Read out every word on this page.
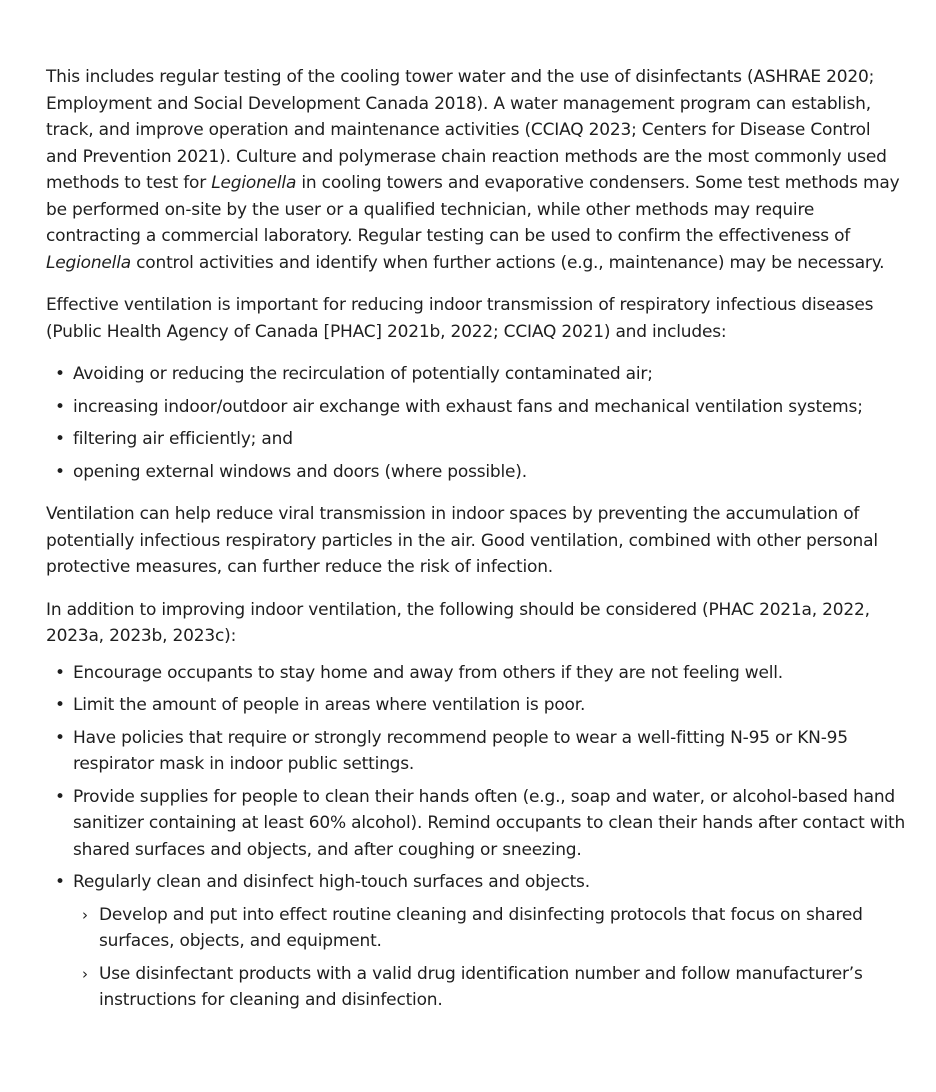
This includes regular testing of the cooling tower water and the use of disinfectants (ASHRAE 2020; Employment and Social Development Canada 2018). A water management program can establish, track, and improve operation and maintenance activities (CCIAQ 2023; Centers for Disease Control and Prevention 2021). Culture and polymerase chain reaction methods are the most commonly used methods to test for Legionella in cooling towers and evaporative condensers. Some test methods may be performed on-site by the user or a qualified technician, while other methods may require contracting a commercial laboratory. Regular testing can be used to confirm the effectiveness of Legionella control activities and identify when further actions (e.g., maintenance) may be necessary.

Effective ventilation is important for reducing indoor transmission of respiratory infectious diseases (Public Health Agency of Canada [PHAC] 2021b, 2022; CCIAQ 2021) and includes:

• Avoiding or reducing the recirculation of potentially contaminated air;
• increasing indoor/outdoor air exchange with exhaust fans and mechanical ventilation systems;
• filtering air efficiently; and
• opening external windows and doors (where possible).

Ventilation can help reduce viral transmission in indoor spaces by preventing the accumulation of potentially infectious respiratory particles in the air. Good ventilation, combined with other personal protective measures, can further reduce the risk of infection.

In addition to improving indoor ventilation, the following should be considered (PHAC 2021a, 2022, 2023a, 2023b, 2023c):

• Encourage occupants to stay home and away from others if they are not feeling well.
• Limit the amount of people in areas where ventilation is poor.
• Have policies that require or strongly recommend people to wear a well-fitting N-95 or KN-95 respirator mask in indoor public settings.
• Provide supplies for people to clean their hands often (e.g., soap and water, or alcohol-based hand sanitizer containing at least 60% alcohol). Remind occupants to clean their hands after contact with shared surfaces and objects, and after coughing or sneezing.
• Regularly clean and disinfect high-touch surfaces and objects.
› Develop and put into effect routine cleaning and disinfecting protocols that focus on shared surfaces, objects, and equipment.
› Use disinfectant products with a valid drug identification number and follow manufacturer’s instructions for cleaning and disinfection.
